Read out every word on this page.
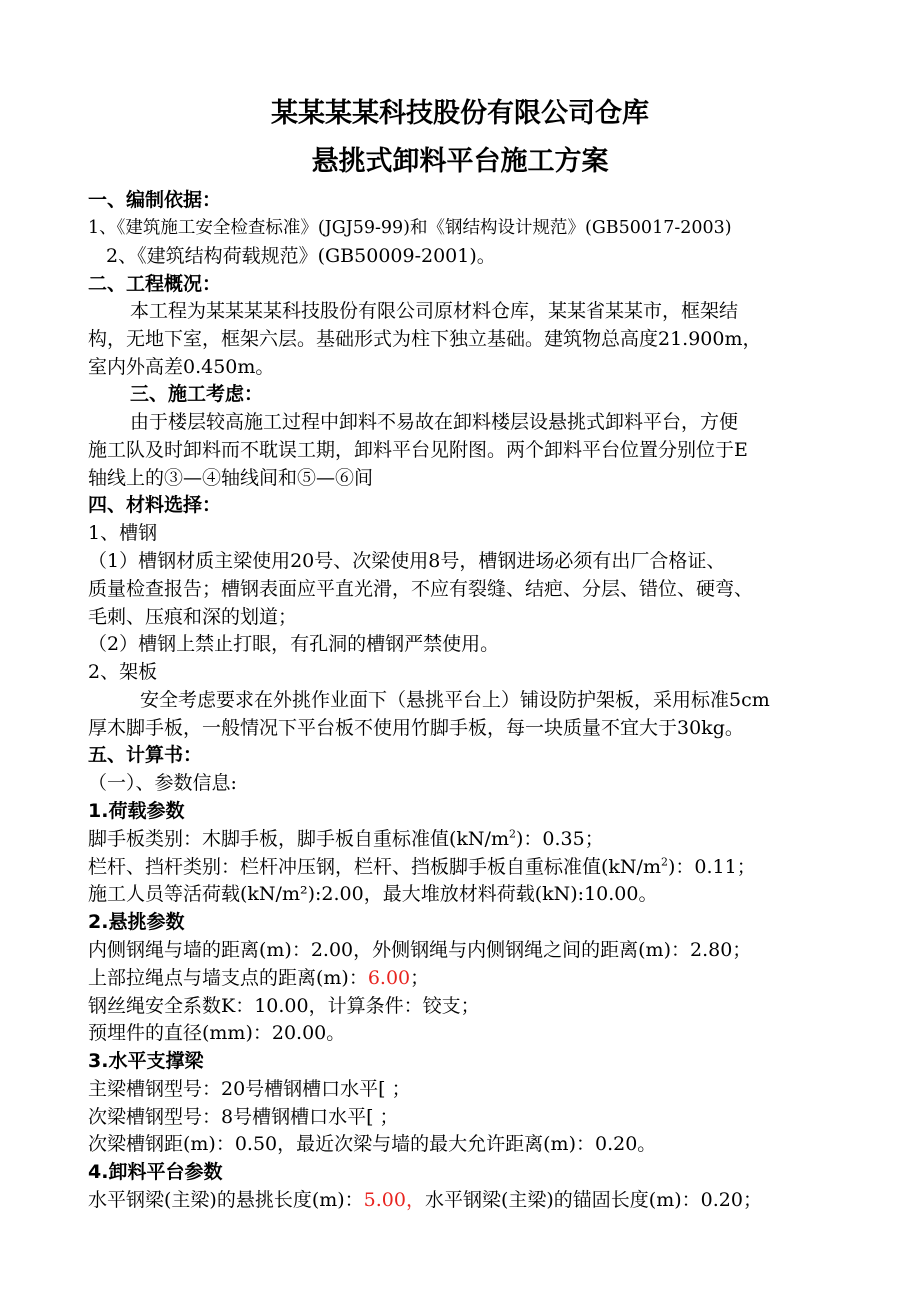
某某某某科技股份有限公司仓库
悬挑式卸料平台施工方案
一、编制依据：
1、《建筑施工安全检查标准》(JGJ59-99)和《钢结构设计规范》(GB50017-2003)
2、《建筑结构荷载规范》(GB50009-2001)。
二、工程概况：
本工程为某某某某科技股份有限公司原材料仓库，某某省某某市，框架结
构，无地下室，框架六层。基础形式为柱下独立基础。建筑物总高度21.900m，
室内外高差0.450m。
三、施工考虑：
由于楼层较高施工过程中卸料不易故在卸料楼层设悬挑式卸料平台，方便
施工队及时卸料而不耽误工期，卸料平台见附图。两个卸料平台位置分别位于E
轴线上的③—④轴线间和⑤—⑥间
四、材料选择：
1、槽钢
（1）槽钢材质主梁使用20号、次梁使用8号，槽钢进场必须有出厂合格证、
质量检查报告；槽钢表面应平直光滑，不应有裂缝、结疤、分层、错位、硬弯、
毛刺、压痕和深的划道；
（2）槽钢上禁止打眼，有孔洞的槽钢严禁使用。
2、架板
安全考虑要求在外挑作业面下（悬挑平台上）铺设防护架板，采用标准5cm
厚木脚手板，一般情况下平台板不使用竹脚手板，每一块质量不宜大于30kg。
五、计算书：
（一）、参数信息:
1.荷载参数
脚手板类别：木脚手板，脚手板自重标准值$(kN/m^2)$：0.35；
栏杆、挡杆类别：栏杆冲压钢，栏杆、挡板脚手板自重标准值$(kN/m^2)$：0.11；
施工人员等活荷载(kN/m²):2.00，最大堆放材料荷载(kN):10.00。
2.悬挑参数
内侧钢绳与墙的距离(m)：2.00，外侧钢绳与内侧钢绳之间的距离(m)：2.80；
上部拉绳点与墙支点的距离(m)：6.00；
钢丝绳安全系数K：10.00，计算条件：铰支；
预埋件的直径(mm)：20.00。
3.水平支撑梁
主梁槽钢型号：20号槽钢槽口水平[ ；
次梁槽钢型号：8号槽钢槽口水平[ ；
次梁槽钢距(m)：0.50，最近次梁与墙的最大允许距离(m)：0.20。
4.卸料平台参数
水平钢梁(主梁)的悬挑长度(m)：5.00，水平钢梁(主梁)的锚固长度(m)：0.20；
